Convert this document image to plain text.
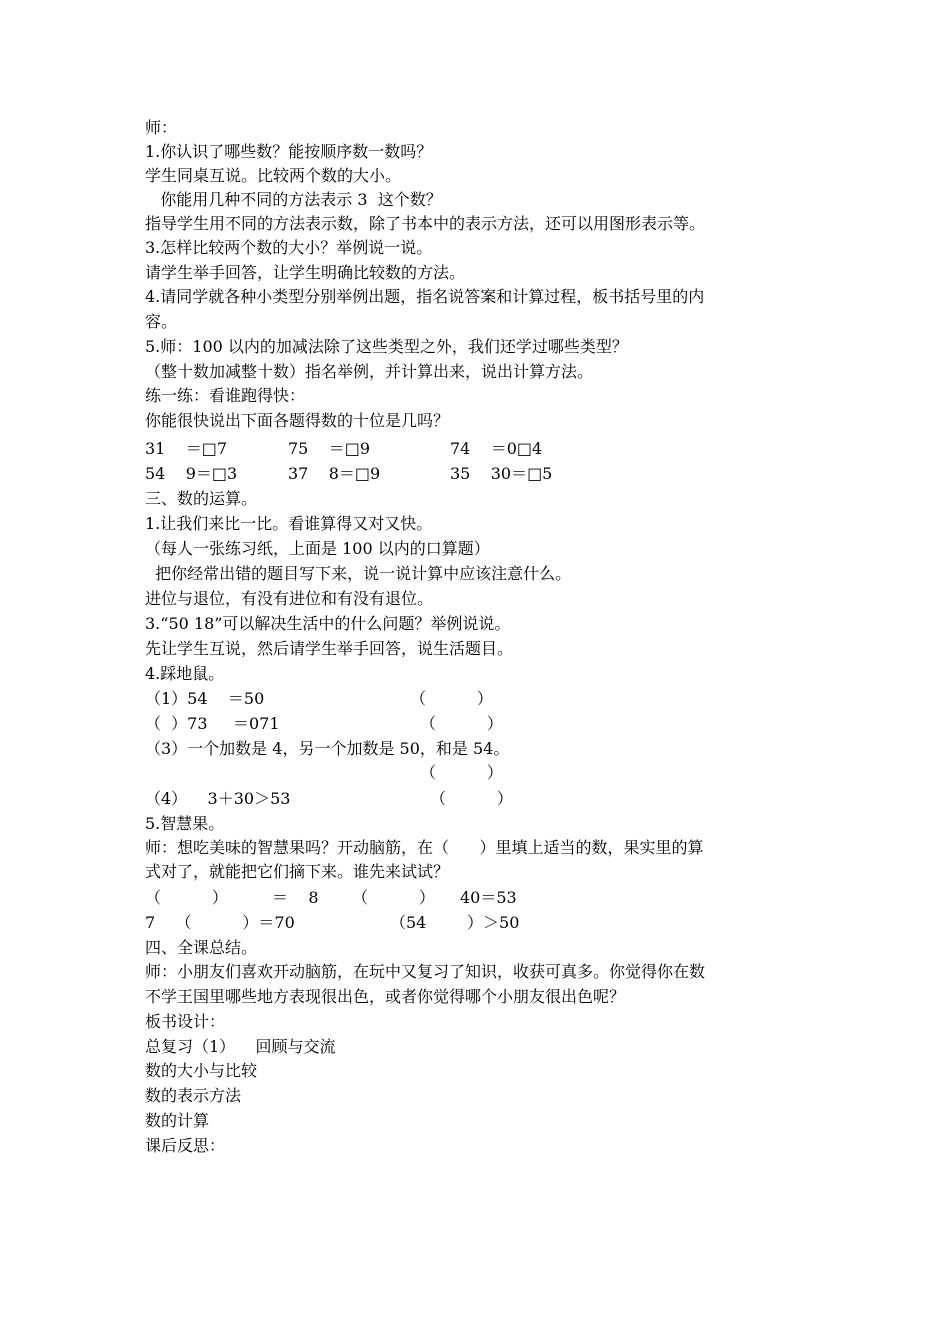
师：

1.你认识了哪些数？能按顺序数一数吗？

学生同桌互说。比较两个数的大小。

你能用几种不同的方法表示 3  这个数？

指导学生用不同的方法表示数，除了书本中的表示方法，还可以用图形表示等。

3.怎样比较两个数的大小？举例说一说。

请学生举手回答，让学生明确比较数的方法。

4.请同学就各种小类型分别举例出题，指名说答案和计算过程，板书括号里的内

容。

5.师：100 以内的加减法除了这些类型之外，我们还学过哪些类型？

（整十数加减整十数）指名举例，并计算出来，说出计算方法。

练一练：看谁跑得快：

你能很快说出下面各题得数的十位是几吗？

31    ＝□7	75    ＝□9	74    ＝0□4
54    9＝□3	37    8＝□9	35    30＝□5

三、数的运算。

1.让我们来比一比。看谁算得又对又快。

（每人一张练习纸，上面是 100 以内的口算题）

把你经常出错的题目写下来，说一说计算中应该注意什么。

进位与退位，有没有进位和有没有退位。

3.“50 18”可以解决生活中的什么问题？举例说说。

先让学生互说，然后请学生举手回答，说生活题目。

4.踩地鼠。

（1）54    ＝50	（          ）
（  ）73     ＝071	（          ）

（3）一个加数是 4，另一个加数是 50，和是 54。

（          ）
（4）    3＋30＞53	（          ）

5.智慧果。

师：想吃美味的智慧果吗？开动脑筋，在（      ）里填上适当的数，果实里的算

式对了，就能把它们摘下来。谁先来试试？

（          ）	＝    8 （          ） 40＝53
7    （          ）＝70	（54        ）＞50

四、全课总结。

师：小朋友们喜欢开动脑筋，在玩中又复习了知识，收获可真多。你觉得你在数

不学王国里哪些地方表现很出色，或者你觉得哪个小朋友很出色呢？

板书设计：

总复习（1）    回顾与交流

数的大小与比较

数的表示方法

数的计算

课后反思：
